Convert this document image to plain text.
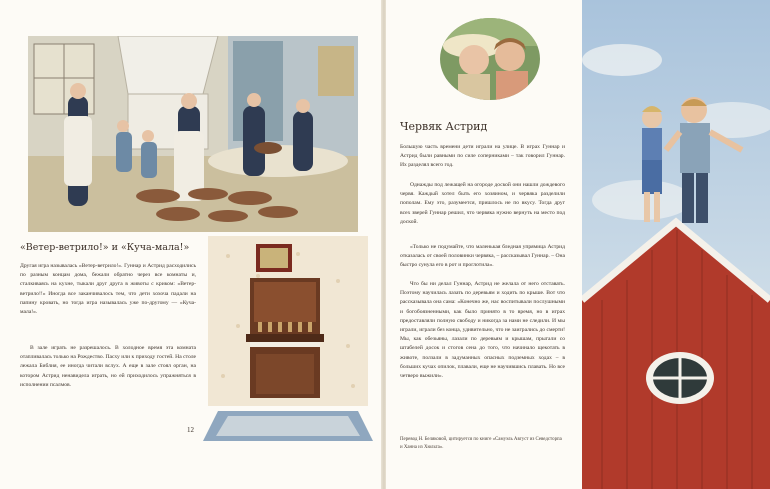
«Ветер-ветрило!» и «Куча-мала!»
Другая игра называлась «Ветер-ветрило!». Гуннар и Астрид расходились по разным концам дома, бежали обратно через все комнаты и, сталкиваясь на кухне, тыкали друг друга в животы с криком: «Ветер-ветрило!!» Иногда все заканчивалось тем, что дети хохоча падали на папину кровать, но тогда игра называлась уже по-другому — «Куча-мала!».
В зале играть не разрешалось. В холодное время эта комната отапливалась только на Рождество. Пасху или к приходу гостей. На столе лежала Библия, ее иногда читали вслух. А еще в зале стоял орган, на котором Астрид ненавидела играть, но ей приходилось упражняться в исполнении псалмов.
12
Червяк Астрид
Большую часть времени дети играли на улице. В играх Гуннар и Астрид были равными по силе соперниками – так говорил Гуннар. Их разделял всего год.
Однажды под лежащей на огороде доской они нашли дождевого червя. Каждый хотел быть его хозяином, и червяка разделили пополам. Ему это, разумеется, пришлось не по вкусу. Тогда друг всех зверей Гуннар решил, что червяка нужно вернуть на место под доской.
«Только не подумайте, что маленькая бледная упрямица Астрид отказалась от своей половинки червяка, – рассказывал Гуннар. – Она быстро сунула его в рот и проглотила».
Что бы ни делал Гуннар, Астрид не желала от него отставать. Поэтому научилась лазать по деревьям и ходить по крыше. Вот что рассказывала она сама: «Конечно же, нас воспитывали послушными и богобоязненными, как было принято в то время, но в играх предоставляли полную свободу и никогда за нами не следили. И мы играли, играли без конца, удивительно, что не заигрались до смерти! Мы, как обезьяны, лазали по деревьям и крышам, прыгали со штабелей досок и стогов сена до того, что начинало щекотать в животе, ползали в задуманных опасных подземных ходах – в больших кучах опилок, плавали, еще не научившись плавать. Но все четверо выжили».
Перевод Н. Беляковой, цитируется по книге «Самуэль Август из Севедсторпа и Ханна из Хюльта».
